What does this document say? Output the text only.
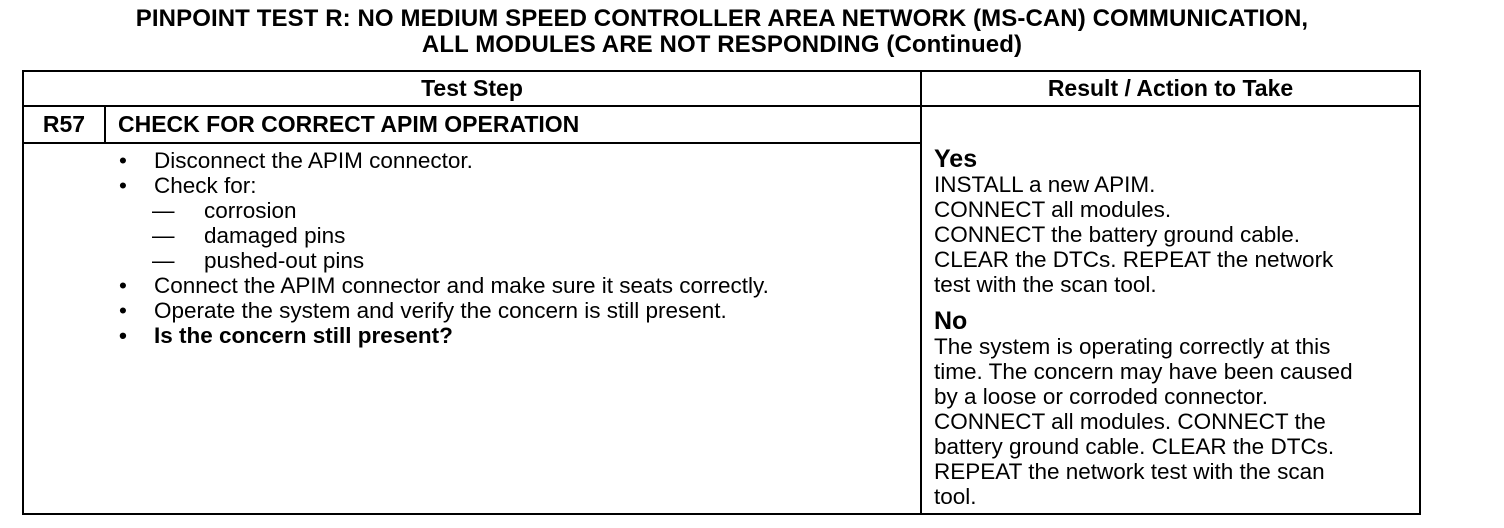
PINPOINT TEST R: NO MEDIUM SPEED CONTROLLER AREA NETWORK (MS-CAN) COMMUNICATION,
ALL MODULES ARE NOT RESPONDING (Continued)
Test Step	Result / Action to Take
R57	CHECK FOR CORRECT APIM OPERATION
• Disconnect the APIM connector.
• Check for:
— corrosion
— damaged pins
— pushed-out pins
• Connect the APIM connector and make sure it seats correctly.
• Operate the system and verify the concern is still present.
• Is the concern still present?
Yes
INSTALL a new APIM.
CONNECT all modules.
CONNECT the battery ground cable.
CLEAR the DTCs. REPEAT the network
test with the scan tool.
No
The system is operating correctly at this
time. The concern may have been caused
by a loose or corroded connector.
CONNECT all modules. CONNECT the
battery ground cable. CLEAR the DTCs.
REPEAT the network test with the scan
tool.
